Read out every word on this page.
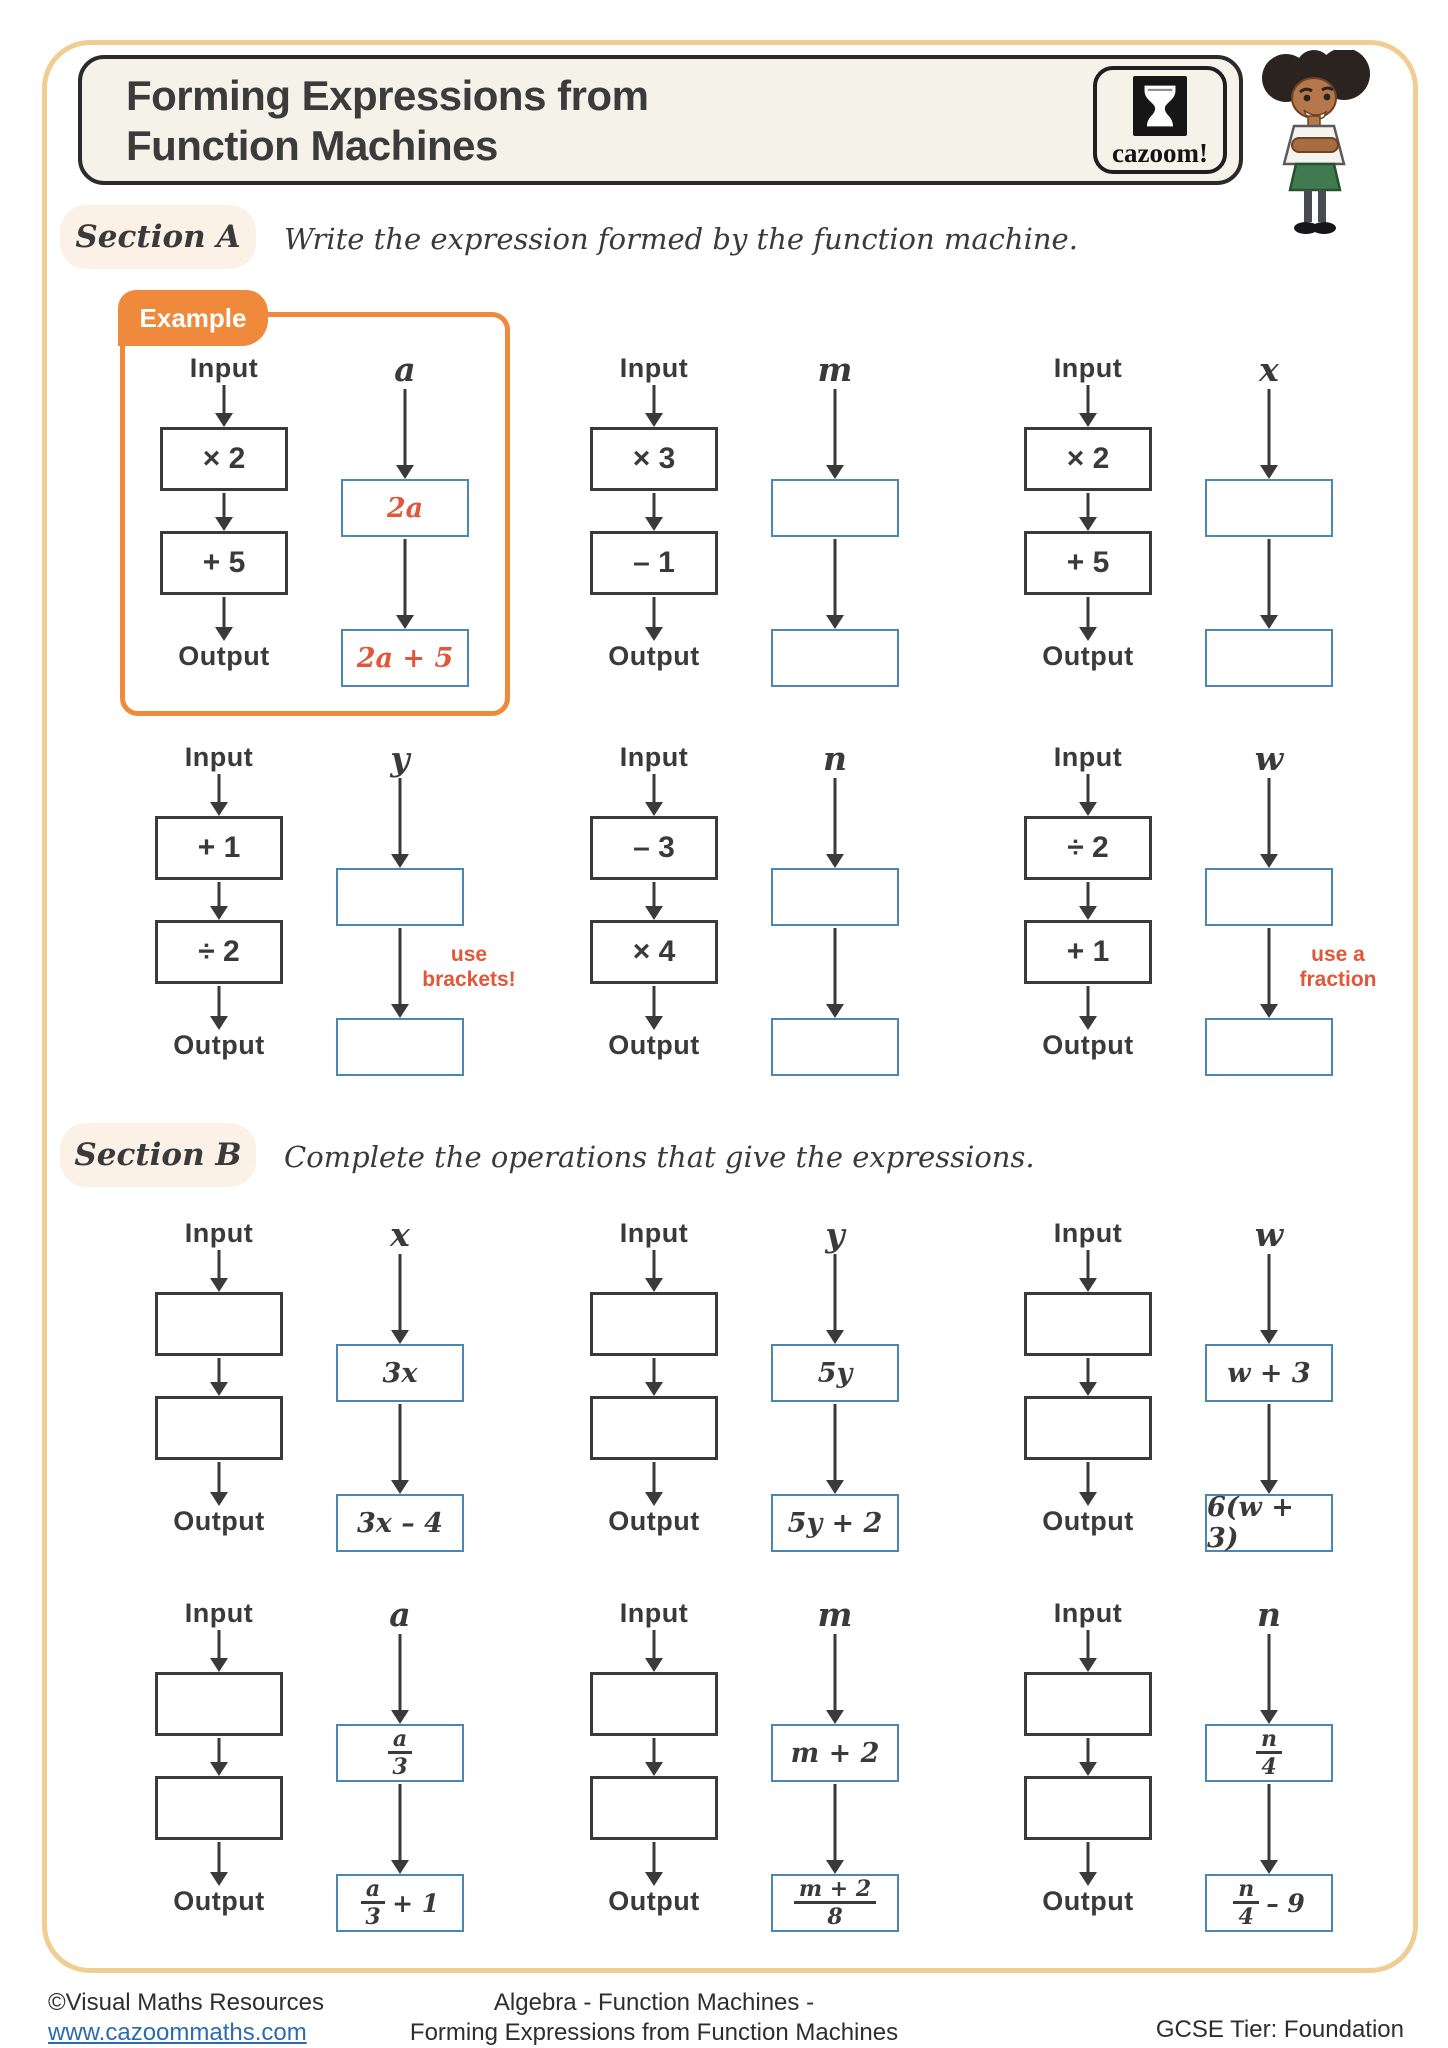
Forming Expressions from
Function Machines	cazoom!
Section A	Write the expression formed by the function machine.
Example
Input
× 2
+ 5
Output
a
2a
2a + 5
Input
× 3
– 1
Output
m	Input
× 2
+ 5
Output
x
Input
+ 1
÷ 2
Output
y
use brackets!
Input
– 3
× 4
Output
n	Input
÷ 2
+ 1
Output
w
use a fraction
Section B	Complete the operations that give the expressions.
Input
Output
x
3x
3x – 4
Input
Output
y
5y
5y + 2
Input
Output
w
w + 3
6(w + 3)
Input
Output
a
$\frac{a}{3}$
$\frac{a}{3} + 1$
Input
Output
m
m + 2
$\frac{m + 2}{8}$
Input
Output
n
$\frac{n}{4}$
$\frac{n}{4} - 9$
©Visual Maths Resources
www.cazoommaths.com
Algebra - Function Machines -
Forming Expressions from Function Machines	GCSE Tier: Foundation
